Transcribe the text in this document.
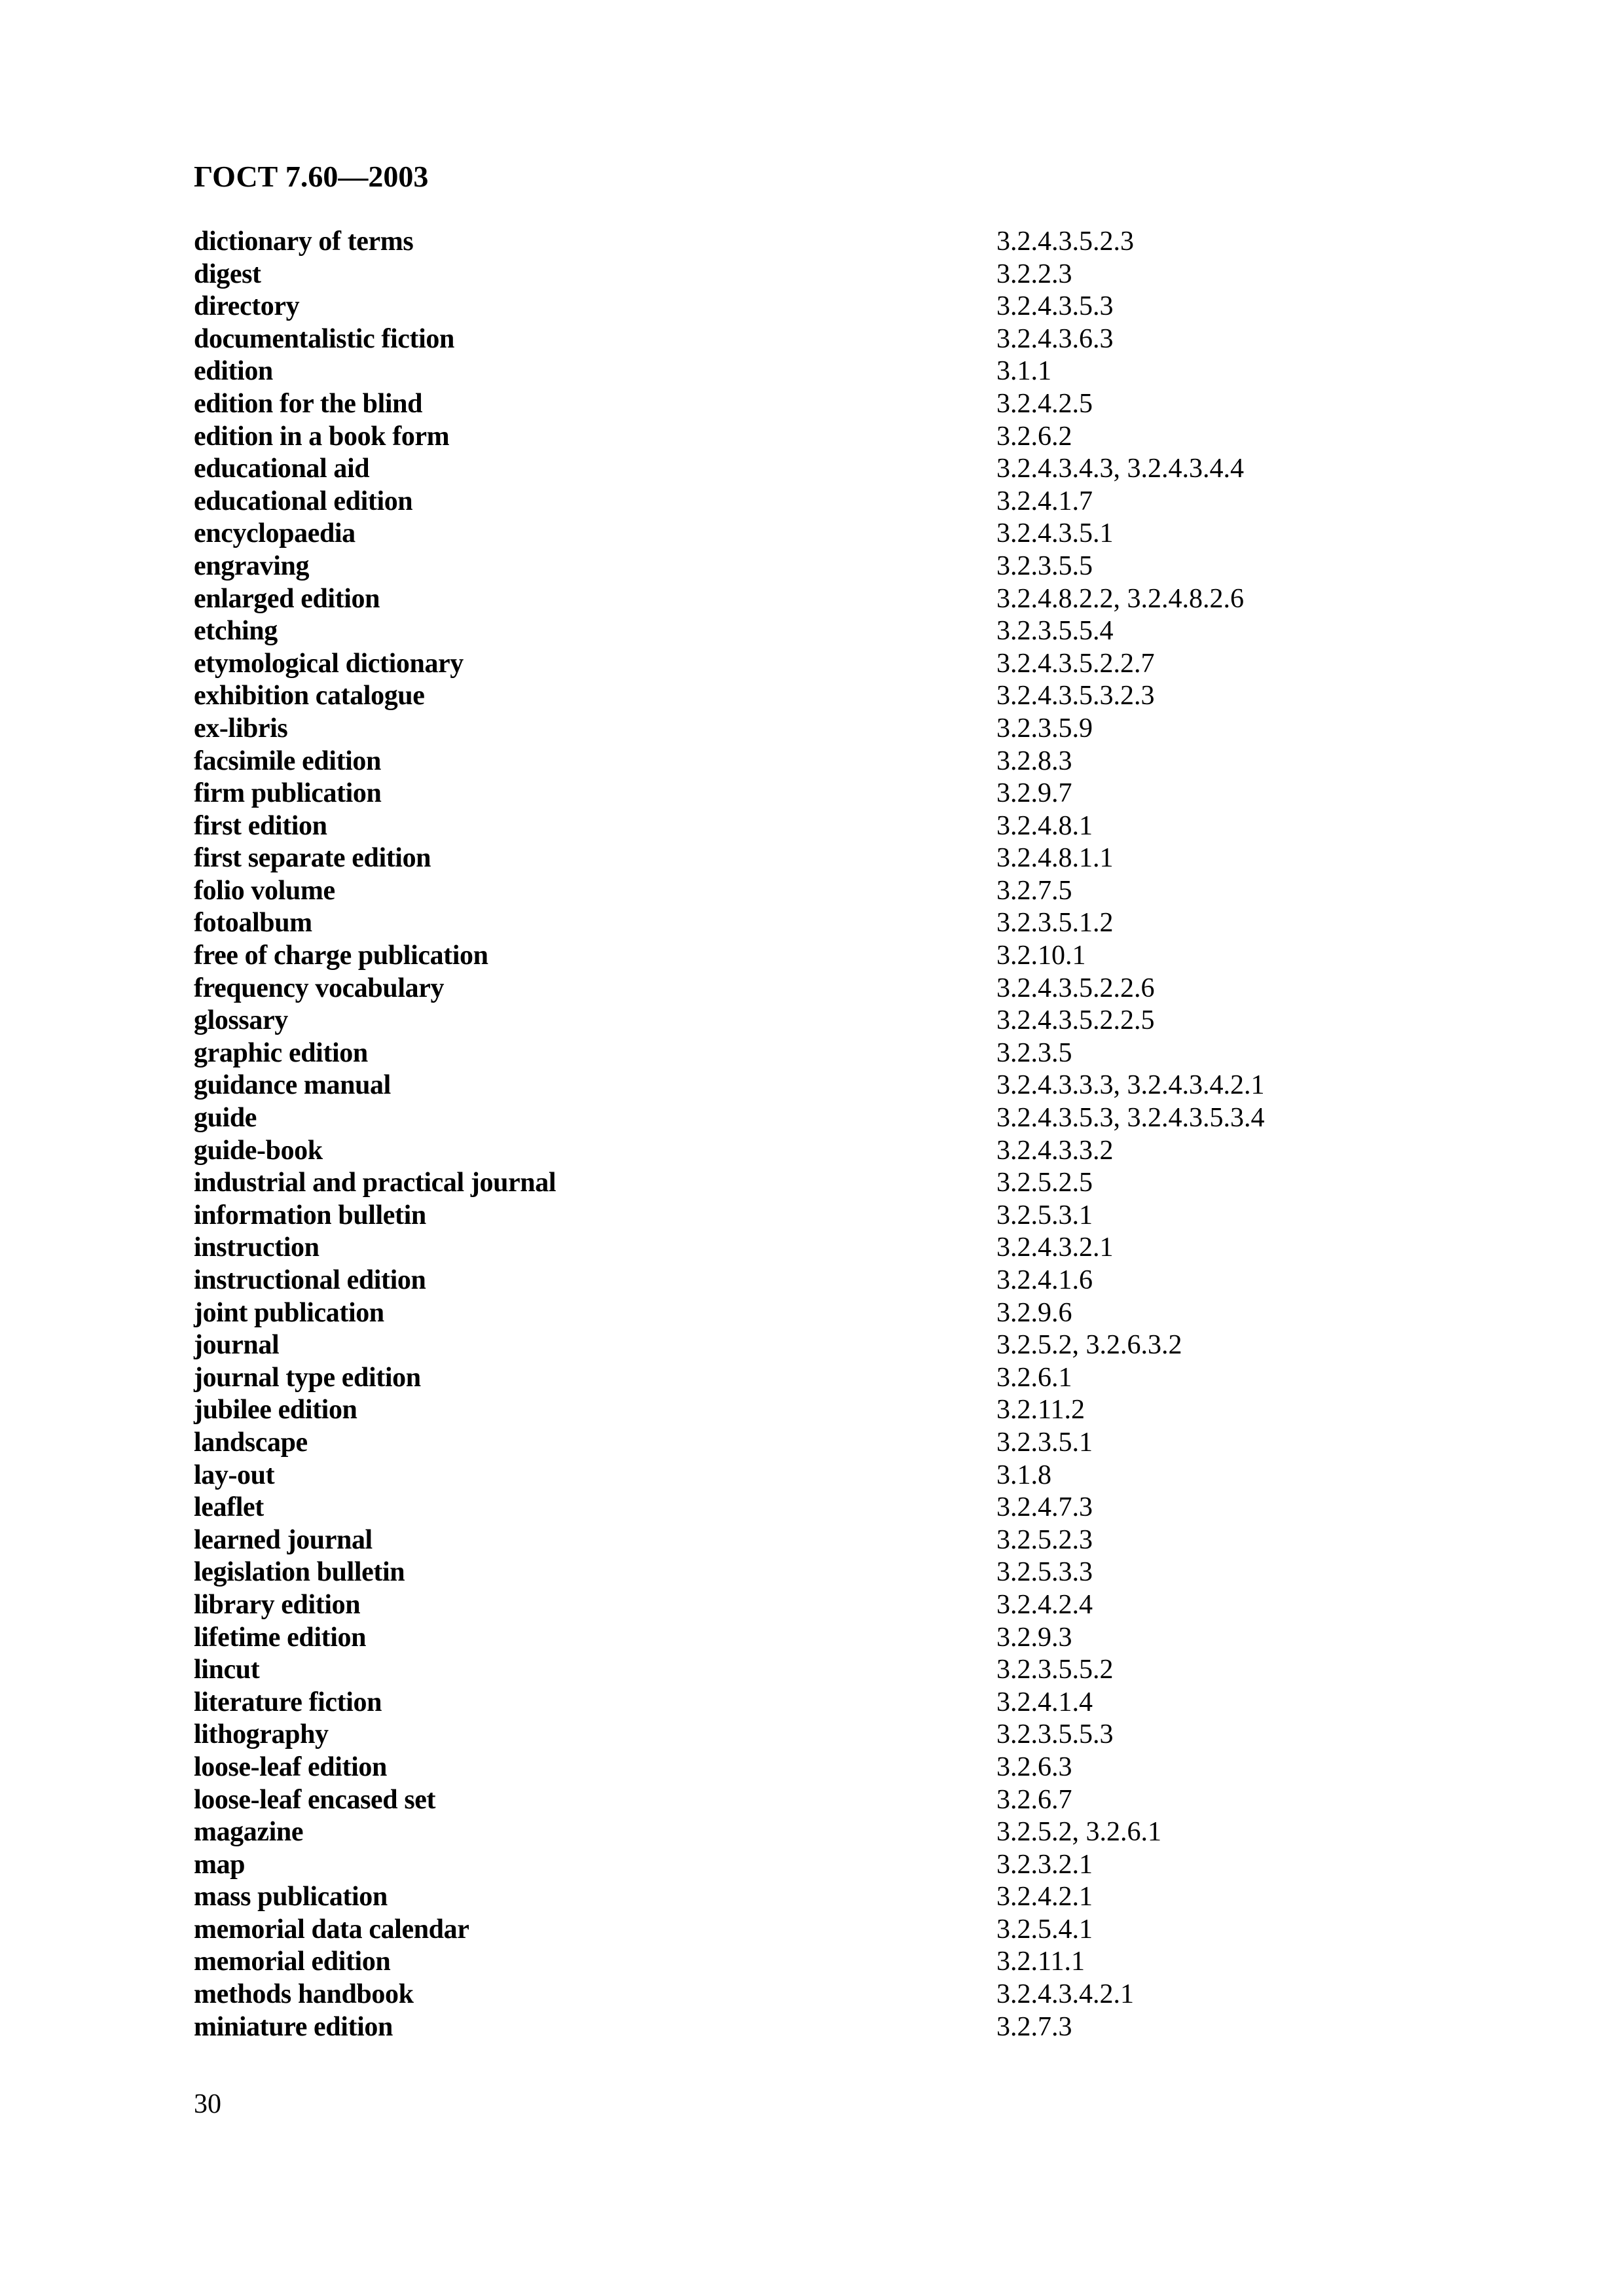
ГОСТ 7.60—2003
dictionary of terms	3.2.4.3.5.2.3
digest	3.2.2.3
directory	3.2.4.3.5.3
documentalistic fiction	3.2.4.3.6.3
edition	3.1.1
edition for the blind	3.2.4.2.5
edition in a book form	3.2.6.2
educational aid	3.2.4.3.4.3, 3.2.4.3.4.4
educational edition	3.2.4.1.7
encyclopaedia	3.2.4.3.5.1
engraving	3.2.3.5.5
enlarged edition	3.2.4.8.2.2, 3.2.4.8.2.6
etching	3.2.3.5.5.4
etymological dictionary	3.2.4.3.5.2.2.7
exhibition catalogue	3.2.4.3.5.3.2.3
ex-libris	3.2.3.5.9
facsimile edition	3.2.8.3
firm publication	3.2.9.7
first edition	3.2.4.8.1
first separate edition	3.2.4.8.1.1
folio volume	3.2.7.5
fotoalbum	3.2.3.5.1.2
free of charge publication	3.2.10.1
frequency vocabulary	3.2.4.3.5.2.2.6
glossary	3.2.4.3.5.2.2.5
graphic edition	3.2.3.5
guidance manual	3.2.4.3.3.3, 3.2.4.3.4.2.1
guide	3.2.4.3.5.3, 3.2.4.3.5.3.4
guide-book	3.2.4.3.3.2
industrial and practical journal	3.2.5.2.5
information bulletin	3.2.5.3.1
instruction	3.2.4.3.2.1
instructional edition	3.2.4.1.6
joint publication	3.2.9.6
journal	3.2.5.2, 3.2.6.3.2
journal type edition	3.2.6.1
jubilee edition	3.2.11.2
landscape	3.2.3.5.1
lay-out	3.1.8
leaflet	3.2.4.7.3
learned journal	3.2.5.2.3
legislation bulletin	3.2.5.3.3
library edition	3.2.4.2.4
lifetime edition	3.2.9.3
lincut	3.2.3.5.5.2
literature fiction	3.2.4.1.4
lithography	3.2.3.5.5.3
loose-leaf edition	3.2.6.3
loose-leaf encased set	3.2.6.7
magazine	3.2.5.2, 3.2.6.1
map	3.2.3.2.1
mass publication	3.2.4.2.1
memorial data calendar	3.2.5.4.1
memorial edition	3.2.11.1
methods handbook	3.2.4.3.4.2.1
miniature edition	3.2.7.3
30
